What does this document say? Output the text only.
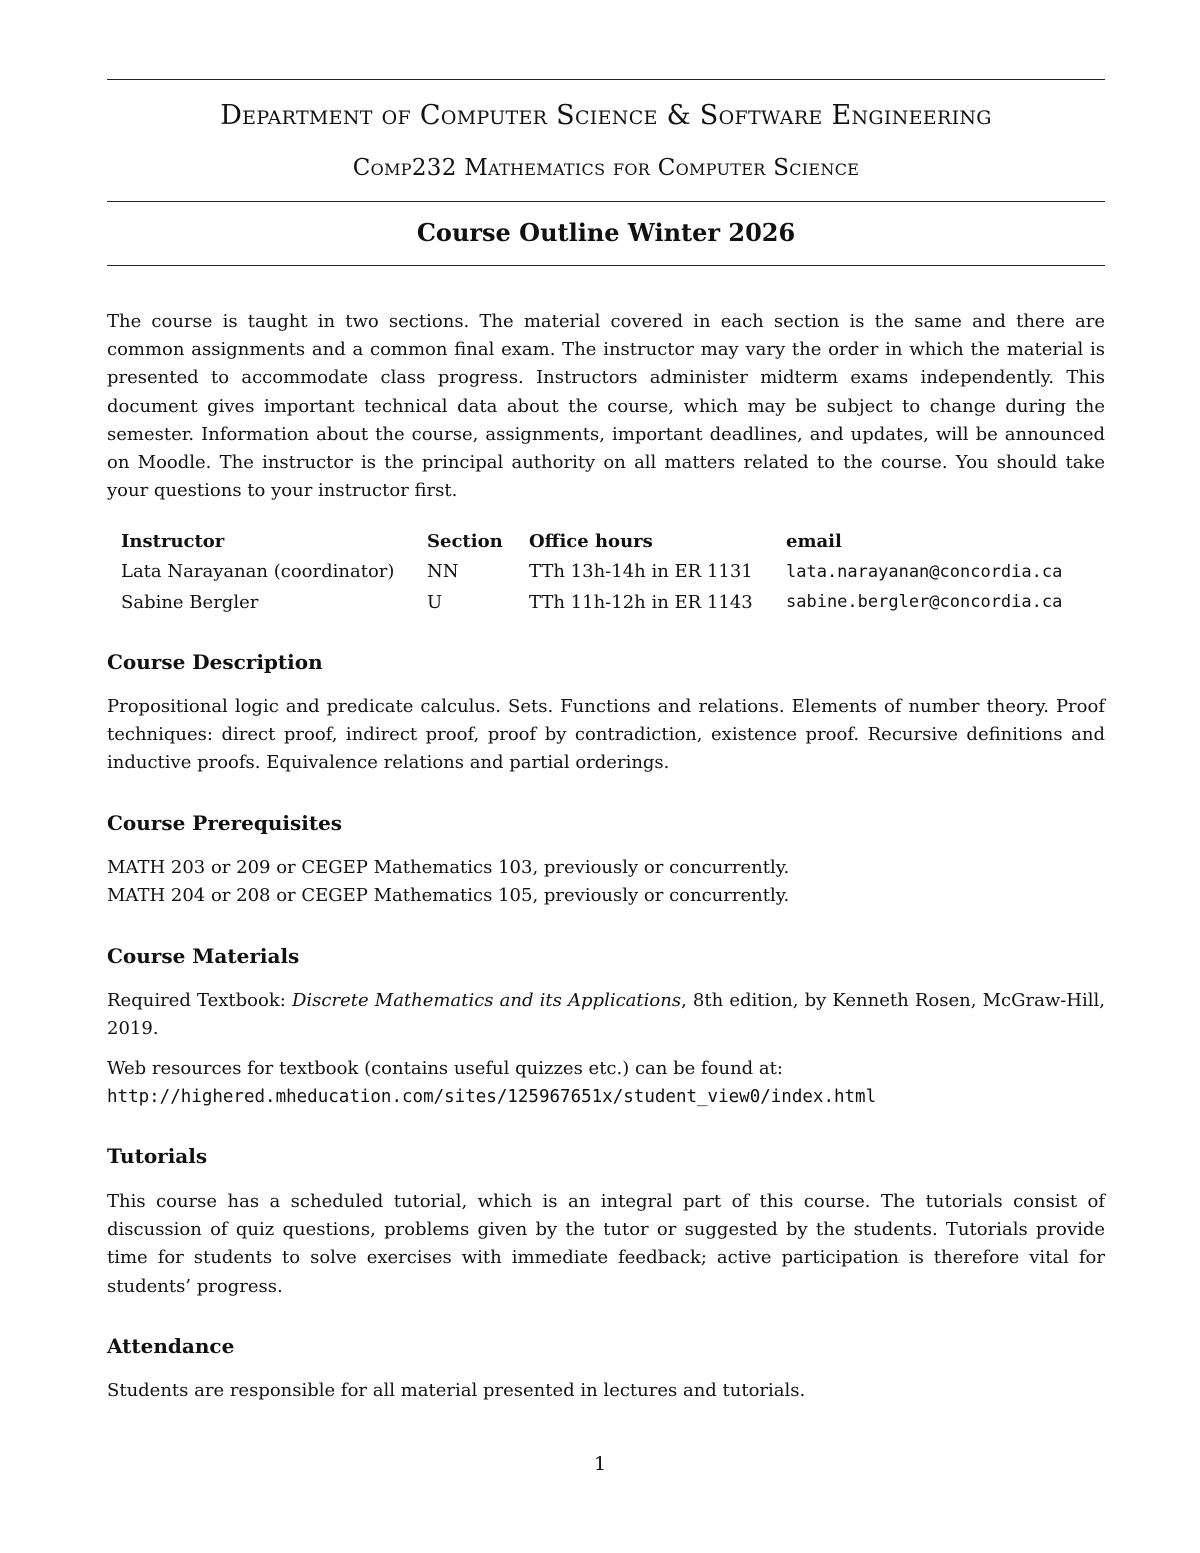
Department of Computer Science & Software Engineering
Comp232 Mathematics for Computer Science
Course Outline Winter 2026
The course is taught in two sections. The material covered in each section is the same and there are common assignments and a common final exam. The instructor may vary the order in which the material is presented to accommodate class progress. Instructors administer midterm exams independently. This document gives important technical data about the course, which may be subject to change during the semester. Information about the course, assignments, important deadlines, and updates, will be announced on Moodle. The instructor is the principal authority on all matters related to the course. You should take your questions to your instructor first.
Instructor	Section	Office hours	email
Lata Narayanan (coordinator)	NN	TTh 13h-14h in ER 1131	lata.narayanan@concordia.ca
Sabine Bergler	U	TTh 11h-12h in ER 1143	sabine.bergler@concordia.ca
Course Description
Propositional logic and predicate calculus. Sets. Functions and relations. Elements of number theory. Proof techniques: direct proof, indirect proof, proof by contradiction, existence proof. Recursive definitions and inductive proofs. Equivalence relations and partial orderings.
Course Prerequisites
MATH 203 or 209 or CEGEP Mathematics 103, previously or concurrently.
MATH 204 or 208 or CEGEP Mathematics 105, previously or concurrently.
Course Materials
Required Textbook: Discrete Mathematics and its Applications, 8th edition, by Kenneth Rosen, McGraw-Hill, 2019.
Web resources for textbook (contains useful quizzes etc.) can be found at:
http://highered.mheducation.com/sites/125967651x/student_view0/index.html
Tutorials
This course has a scheduled tutorial, which is an integral part of this course. The tutorials consist of discussion of quiz questions, problems given by the tutor or suggested by the students. Tutorials provide time for students to solve exercises with immediate feedback; active participation is therefore vital for students’ progress.
Attendance
Students are responsible for all material presented in lectures and tutorials.
1
